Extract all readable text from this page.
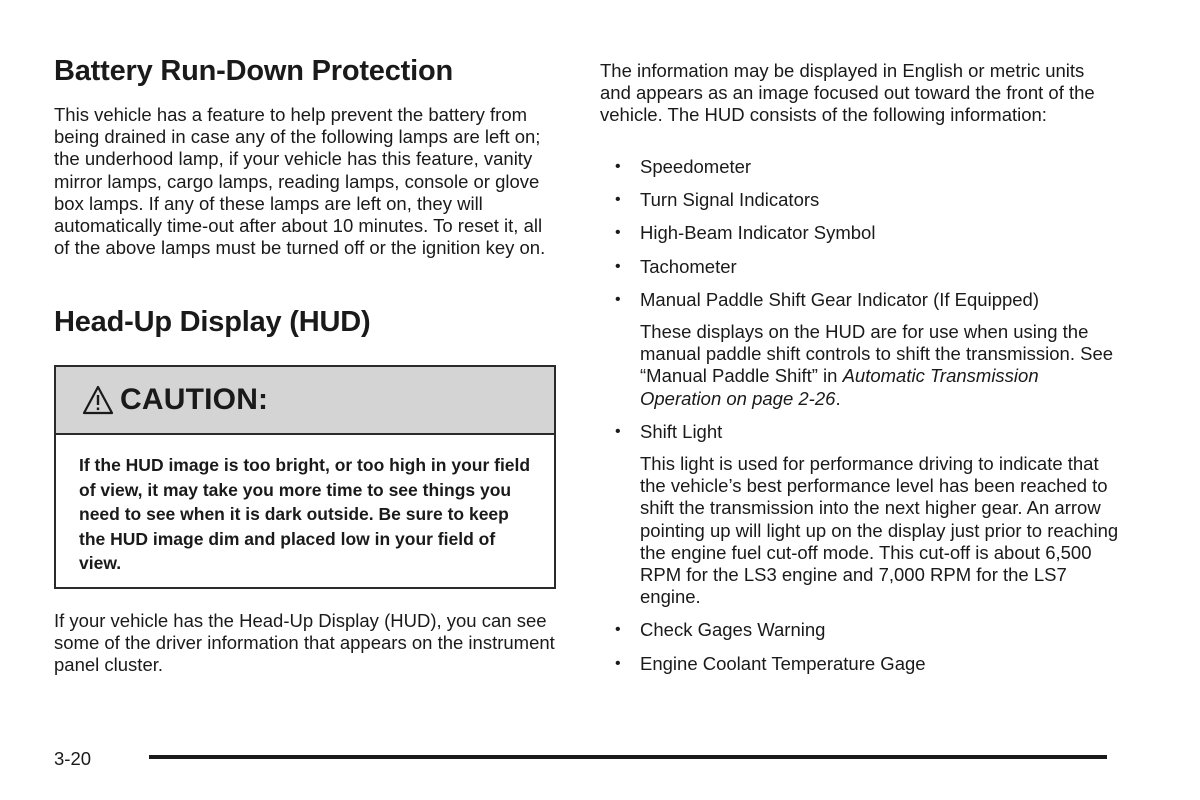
Battery Run-Down Protection

This vehicle has a feature to help prevent the battery from being drained in case any of the following lamps are left on; the underhood lamp, if your vehicle has this feature, vanity mirror lamps, cargo lamps, reading lamps, console or glove box lamps. If any of these lamps are left on, they will automatically time-out after about 10 minutes. To reset it, all of the above lamps must be turned off or the ignition key on.

Head-Up Display (HUD)
CAUTION:
If the HUD image is too bright, or too high in your field of view, it may take you more time to see things you need to see when it is dark outside. Be sure to keep the HUD image dim and placed low in your field of view.

If your vehicle has the Head-Up Display (HUD), you can see some of the driver information that appears on the instrument panel cluster.

The information may be displayed in English or metric units and appears as an image focused out toward the front of the vehicle. The HUD consists of the following information:

• Speedometer
• Turn Signal Indicators
• High-Beam Indicator Symbol
• Tachometer
• Manual Paddle Shift Gear Indicator (If Equipped)
These displays on the HUD are for use when using the manual paddle shift controls to shift the transmission. See “Manual Paddle Shift” in Automatic Transmission Operation on page 2-26.
• Shift Light
This light is used for performance driving to indicate that the vehicle’s best performance level has been reached to shift the transmission into the next higher gear. An arrow pointing up will light up on the display just prior to reaching the engine fuel cut-off mode. This cut-off is about 6,500 RPM for the LS3 engine and 7,000 RPM for the LS7 engine.
• Check Gages Warning
• Engine Coolant Temperature Gage
3-20
